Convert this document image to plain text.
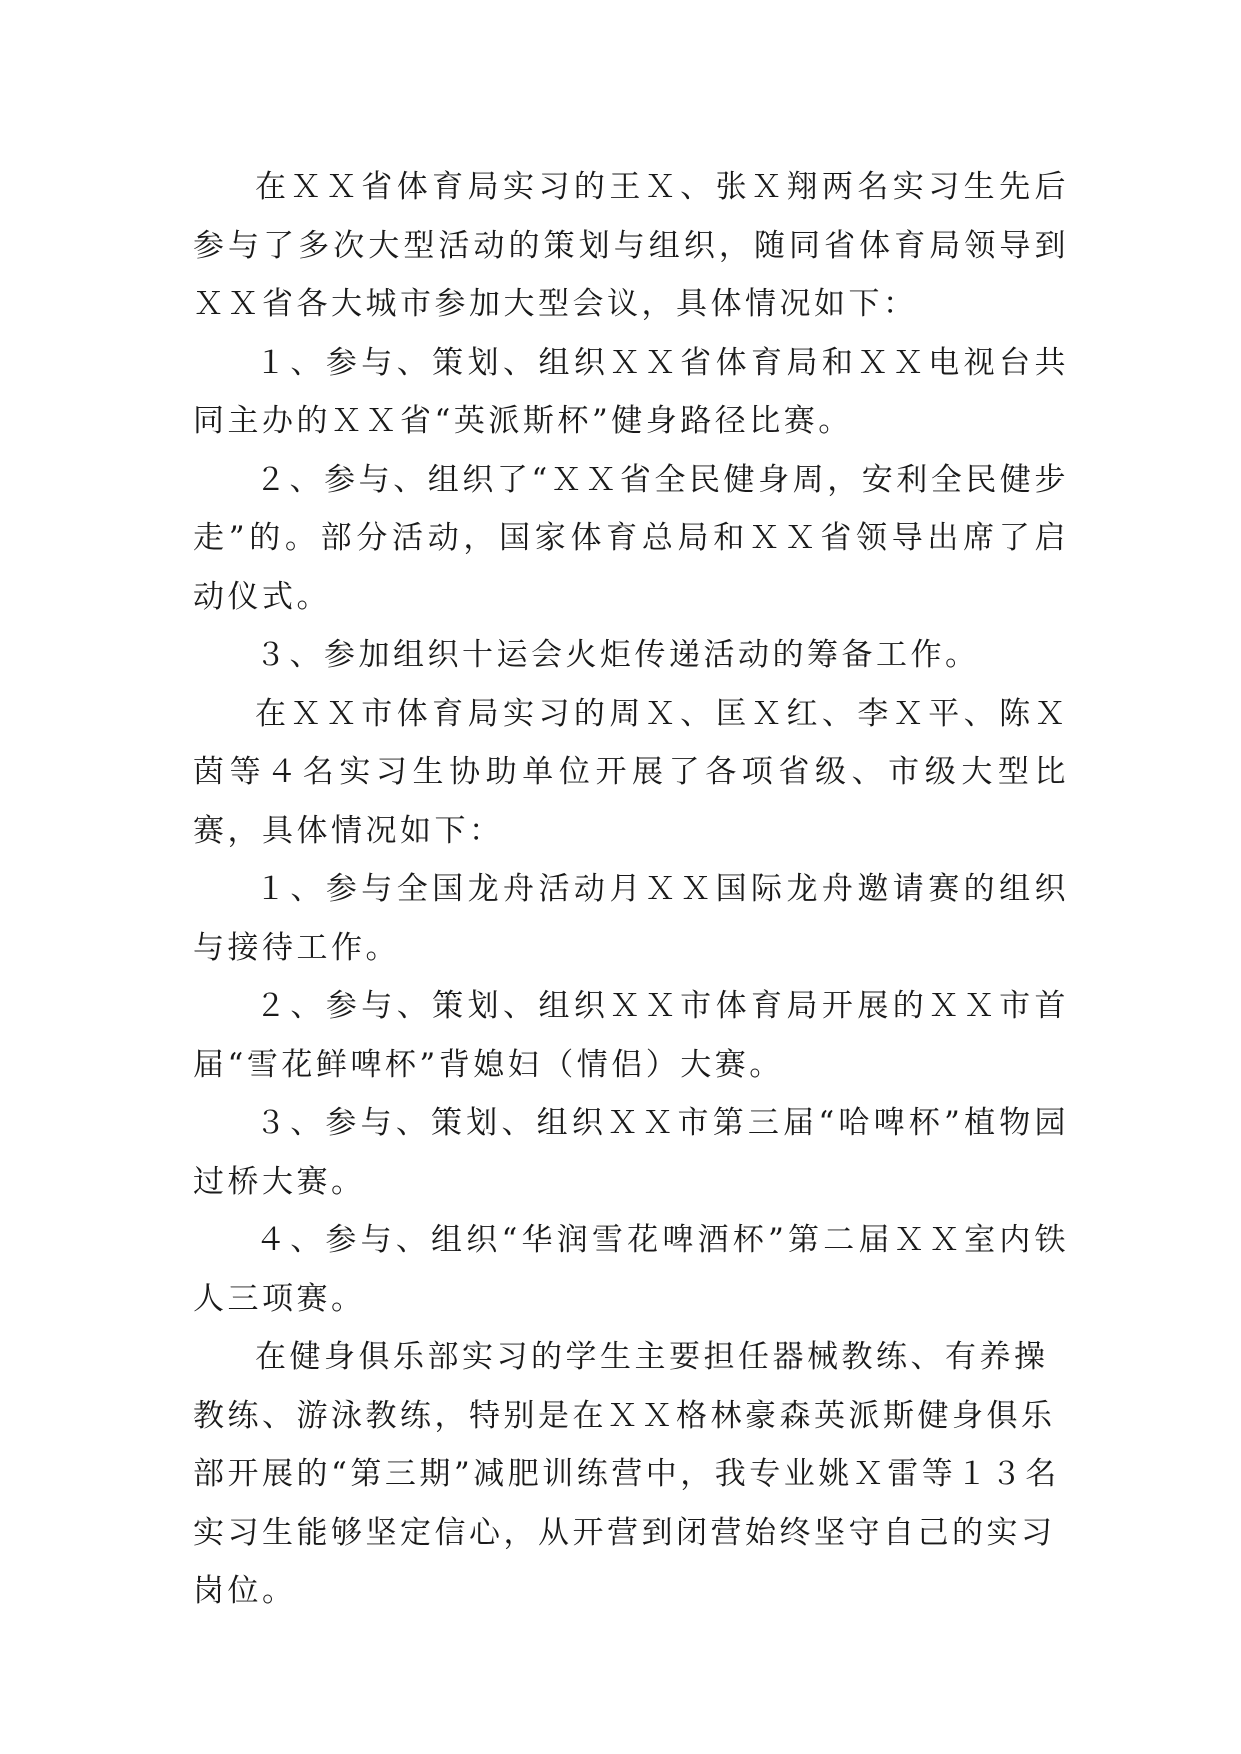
在ＸＸ省体育局实习的王Ｘ、张Ｘ翔两名实习生先后参与了多次大型活动的策划与组织，随同省体育局领导到ＸＸ省各大城市参加大型会议，具体情况如下：

１、参与、策划、组织ＸＸ省体育局和ＸＸ电视台共同主办的ＸＸ省“英派斯杯”健身路径比赛。

２、参与、组织了“ＸＸ省全民健身周，安利全民健步走”的。部分活动，国家体育总局和ＸＸ省领导出席了启动仪式。

３、参加组织十运会火炬传递活动的筹备工作。

在ＸＸ市体育局实习的周Ｘ、匡Ｘ红、李Ｘ平、陈Ｘ茵等４名实习生协助单位开展了各项省级、市级大型比赛，具体情况如下：

１、参与全国龙舟活动月ＸＸ国际龙舟邀请赛的组织与接待工作。

２、参与、策划、组织ＸＸ市体育局开展的ＸＸ市首届“雪花鲜啤杯”背媳妇（情侣）大赛。

３、参与、策划、组织ＸＸ市第三届“哈啤杯”植物园过桥大赛。

４、参与、组织“华润雪花啤酒杯”第二届ＸＸ室内铁人三项赛。

在健身俱乐部实习的学生主要担任器械教练、有养操教练、游泳教练，特别是在ＸＸ格林豪森英派斯健身俱乐部开展的“第三期”减肥训练营中，我专业姚Ｘ雷等１３名实习生能够坚定信心，从开营到闭营始终坚守自己的实习岗位。
